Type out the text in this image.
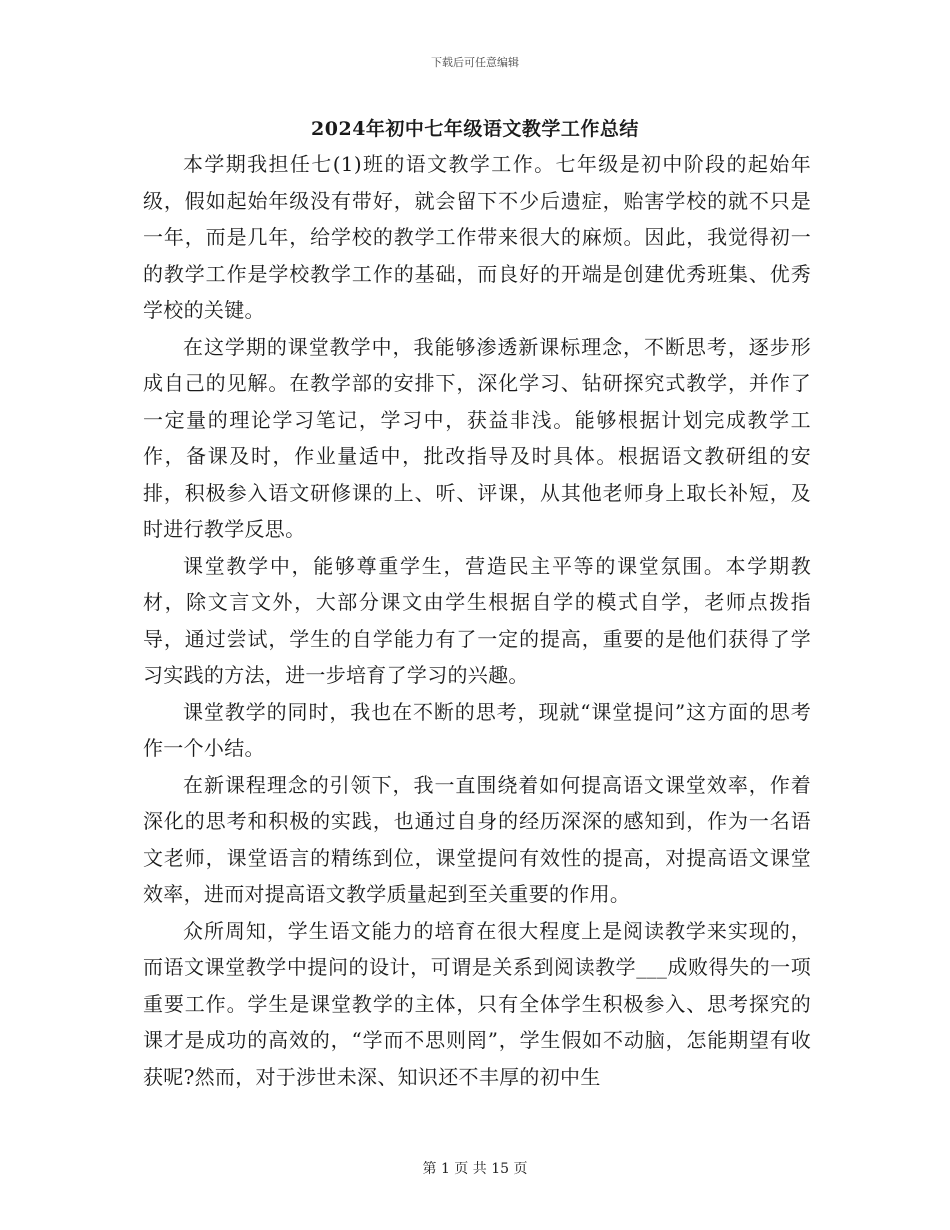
下载后可任意编辑
2024年初中七年级语文教学工作总结

本学期我担任七(1)班的语文教学工作。七年级是初中阶段的起始年级，假如起始年级没有带好，就会留下不少后遗症，贻害学校的就不只是一年，而是几年，给学校的教学工作带来很大的麻烦。因此，我觉得初一的教学工作是学校教学工作的基础，而良好的开端是创建优秀班集、优秀学校的关键。

在这学期的课堂教学中，我能够渗透新课标理念，不断思考，逐步形成自己的见解。在教学部的安排下，深化学习、钻研探究式教学，并作了一定量的理论学习笔记，学习中，获益非浅。能够根据计划完成教学工作，备课及时，作业量适中，批改指导及时具体。根据语文教研组的安排，积极参入语文研修课的上、听、评课，从其他老师身上取长补短，及时进行教学反思。

课堂教学中，能够尊重学生，营造民主平等的课堂氛围。本学期教材，除文言文外，大部分课文由学生根据自学的模式自学，老师点拨指导，通过尝试，学生的自学能力有了一定的提高，重要的是他们获得了学习实践的方法，进一步培育了学习的兴趣。

课堂教学的同时，我也在不断的思考，现就“课堂提问”这方面的思考作一个小结。

在新课程理念的引领下，我一直围绕着如何提高语文课堂效率，作着深化的思考和积极的实践，也通过自身的经历深深的感知到，作为一名语文老师，课堂语言的精练到位，课堂提问有效性的提高，对提高语文课堂效率，进而对提高语文教学质量起到至关重要的作用。

众所周知，学生语文能力的培育在很大程度上是阅读教学来实现的，而语文课堂教学中提问的设计，可谓是关系到阅读教学___成败得失的一项重要工作。学生是课堂教学的主体，只有全体学生积极参入、思考探究的课才是成功的高效的，“学而不思则罔”，学生假如不动脑，怎能期望有收获呢?然而，对于涉世未深、知识还不丰厚的初中生

第 1 页 共 15 页
